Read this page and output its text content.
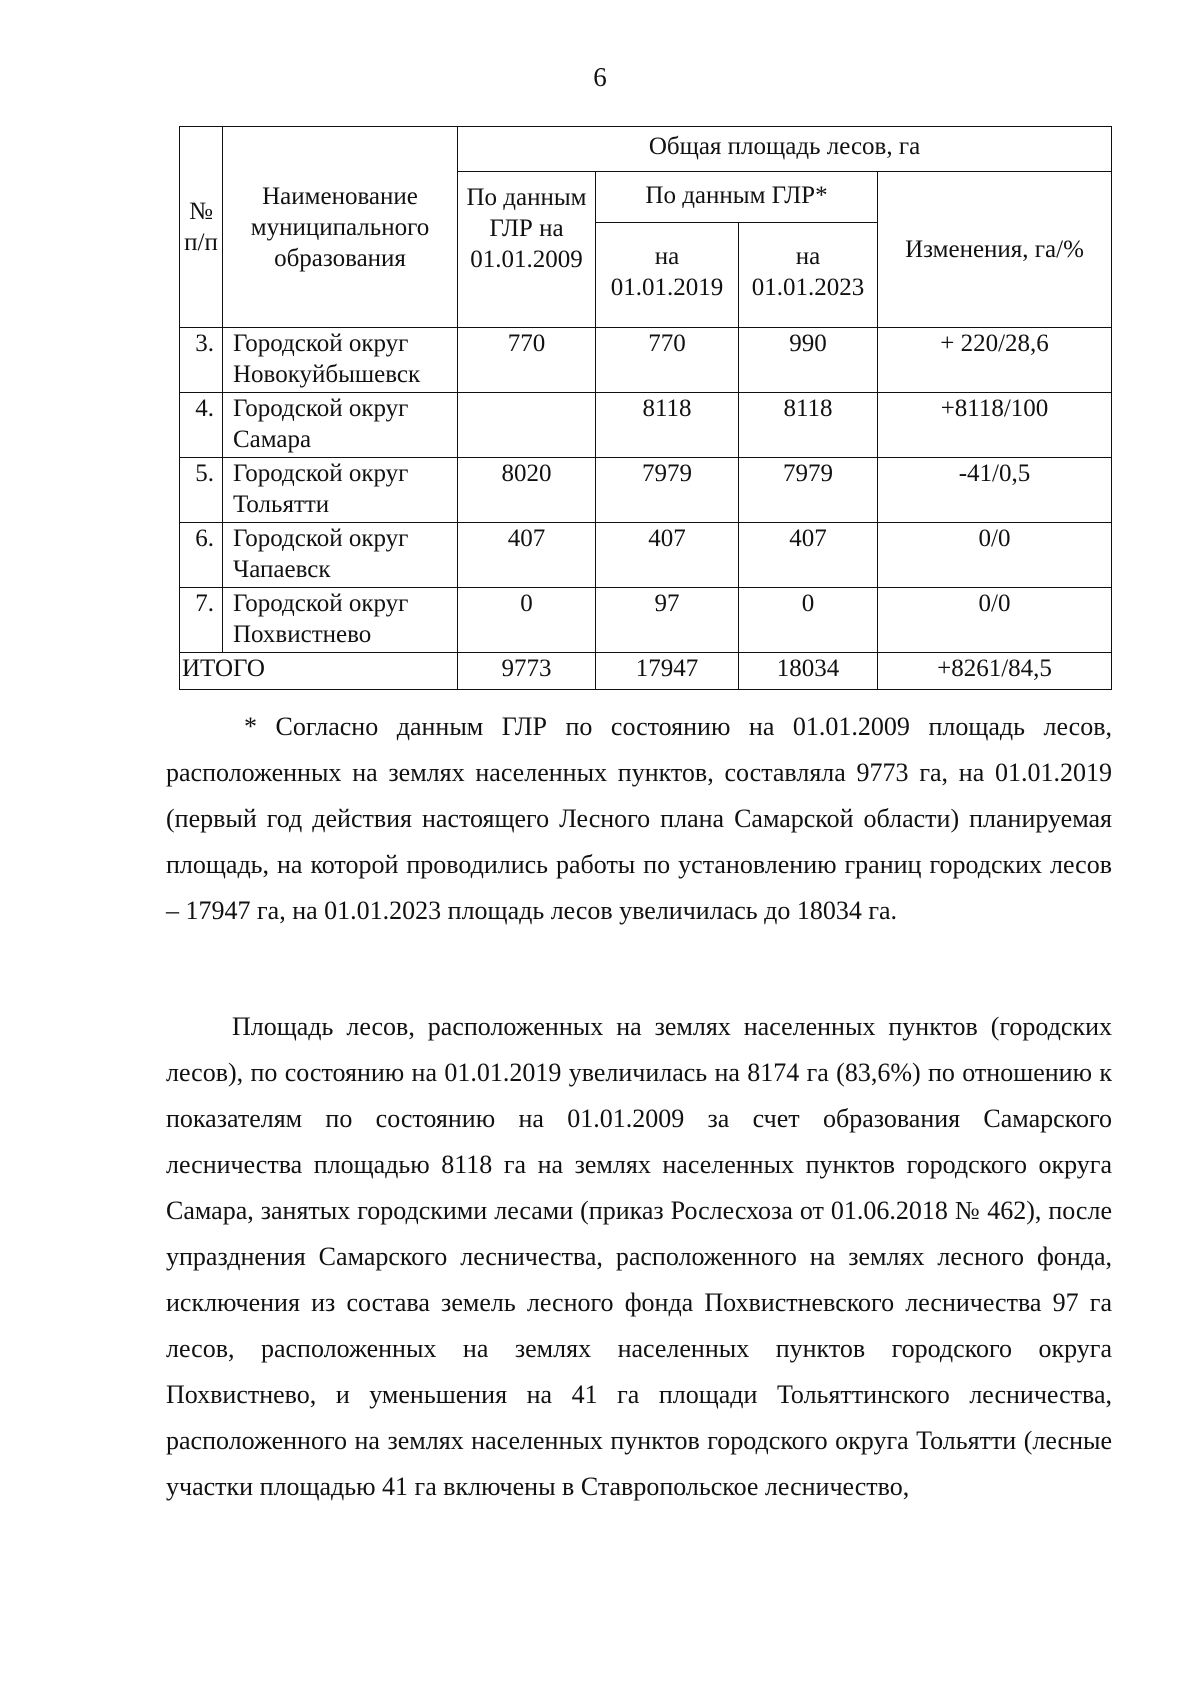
6
№ п/п	Наименование муниципального образования	Общая площадь лесов, га			
		По данным ГЛР на 01.01.2009	По данным ГЛР*		Изменения, га/%
			на 01.01.2019	на 01.01.2023	
3.	Городской округ Новокуйбышевск	770	770	990	+ 220/28,6
4.	Городской округ Самара		8118	8118	+8118/100
5.	Городской округ Тольятти	8020	7979	7979	-41/0,5
6.	Городской округ Чапаевск	407	407	407	0/0
7.	Городской округ Похвистнево	0	97	0	0/0
ИТОГО		9773	17947	18034	+8261/84,5

* Согласно данным ГЛР по состоянию на 01.01.2009 площадь лесов, расположенных на землях населенных пунктов, составляла 9773 га, на 01.01.2019 (первый год действия настоящего Лесного плана Самарской области) планируемая площадь, на которой проводились работы по установлению границ городских лесов – 17947 га, на 01.01.2023 площадь лесов увеличилась до 18034 га.

Площадь лесов, расположенных на землях населенных пунктов (городских лесов), по состоянию на 01.01.2019 увеличилась на 8174 га (83,6%) по отношению к показателям по состоянию на 01.01.2009 за счет образования Самарского лесничества площадью 8118 га на землях населенных пунктов городского округа Самара, занятых городскими лесами (приказ Рослесхоза от 01.06.2018 № 462), после упразднения Самарского лесничества, расположенного на землях лесного фонда, исключения из состава земель лесного фонда Похвистневского лесничества 97 га лесов, расположенных на землях населенных пунктов городского округа Похвистнево, и уменьшения на 41 га площади Тольяттинского лесничества, расположенного на землях населенных пунктов городского округа Тольятти (лесные участки площадью 41 га включены в Ставропольское лесничество,
